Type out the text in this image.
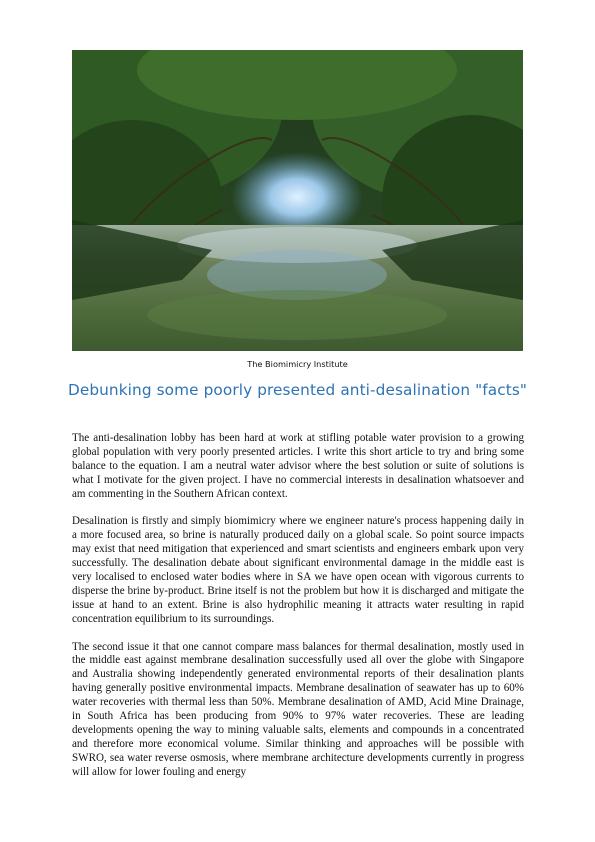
The Biomimicry Institute
Debunking some poorly presented anti-desalination "facts"

The anti-desalination lobby has been hard at work at stifling potable water provision to a growing global population with very poorly presented articles. I write this short article to try and bring some balance to the equation. I am a neutral water advisor where the best solution or suite of solutions is what I motivate for the given project. I have no commercial interests in desalination whatsoever and am commenting in the Southern African context.

Desalination is firstly and simply biomimicry where we engineer nature's process happening daily in a more focused area, so brine is naturally produced daily on a global scale. So point source impacts may exist that need mitigation that experienced and smart scientists and engineers embark upon very successfully. The desalination debate about significant environmental damage in the middle east is very localised to enclosed water bodies where in SA we have open ocean with vigorous currents to disperse the brine by-product. Brine itself is not the problem but how it is discharged and mitigate the issue at hand to an extent. Brine is also hydrophilic meaning it attracts water resulting in rapid concentration equilibrium to its surroundings.

The second issue it that one cannot compare mass balances for thermal desalination, mostly used in the middle east against membrane desalination successfully used all over the globe with Singapore and Australia showing independently generated environmental reports of their desalination plants having generally positive environmental impacts. Membrane desalination of seawater has up to 60% water recoveries with thermal less than 50%. Membrane desalination of AMD, Acid Mine Drainage, in South Africa has been producing from 90% to 97% water recoveries. These are leading developments opening the way to mining valuable salts, elements and compounds in a concentrated and therefore more economical volume. Similar thinking and approaches will be possible with SWRO, sea water reverse osmosis, where membrane architecture developments currently in progress will allow for lower fouling and energy
